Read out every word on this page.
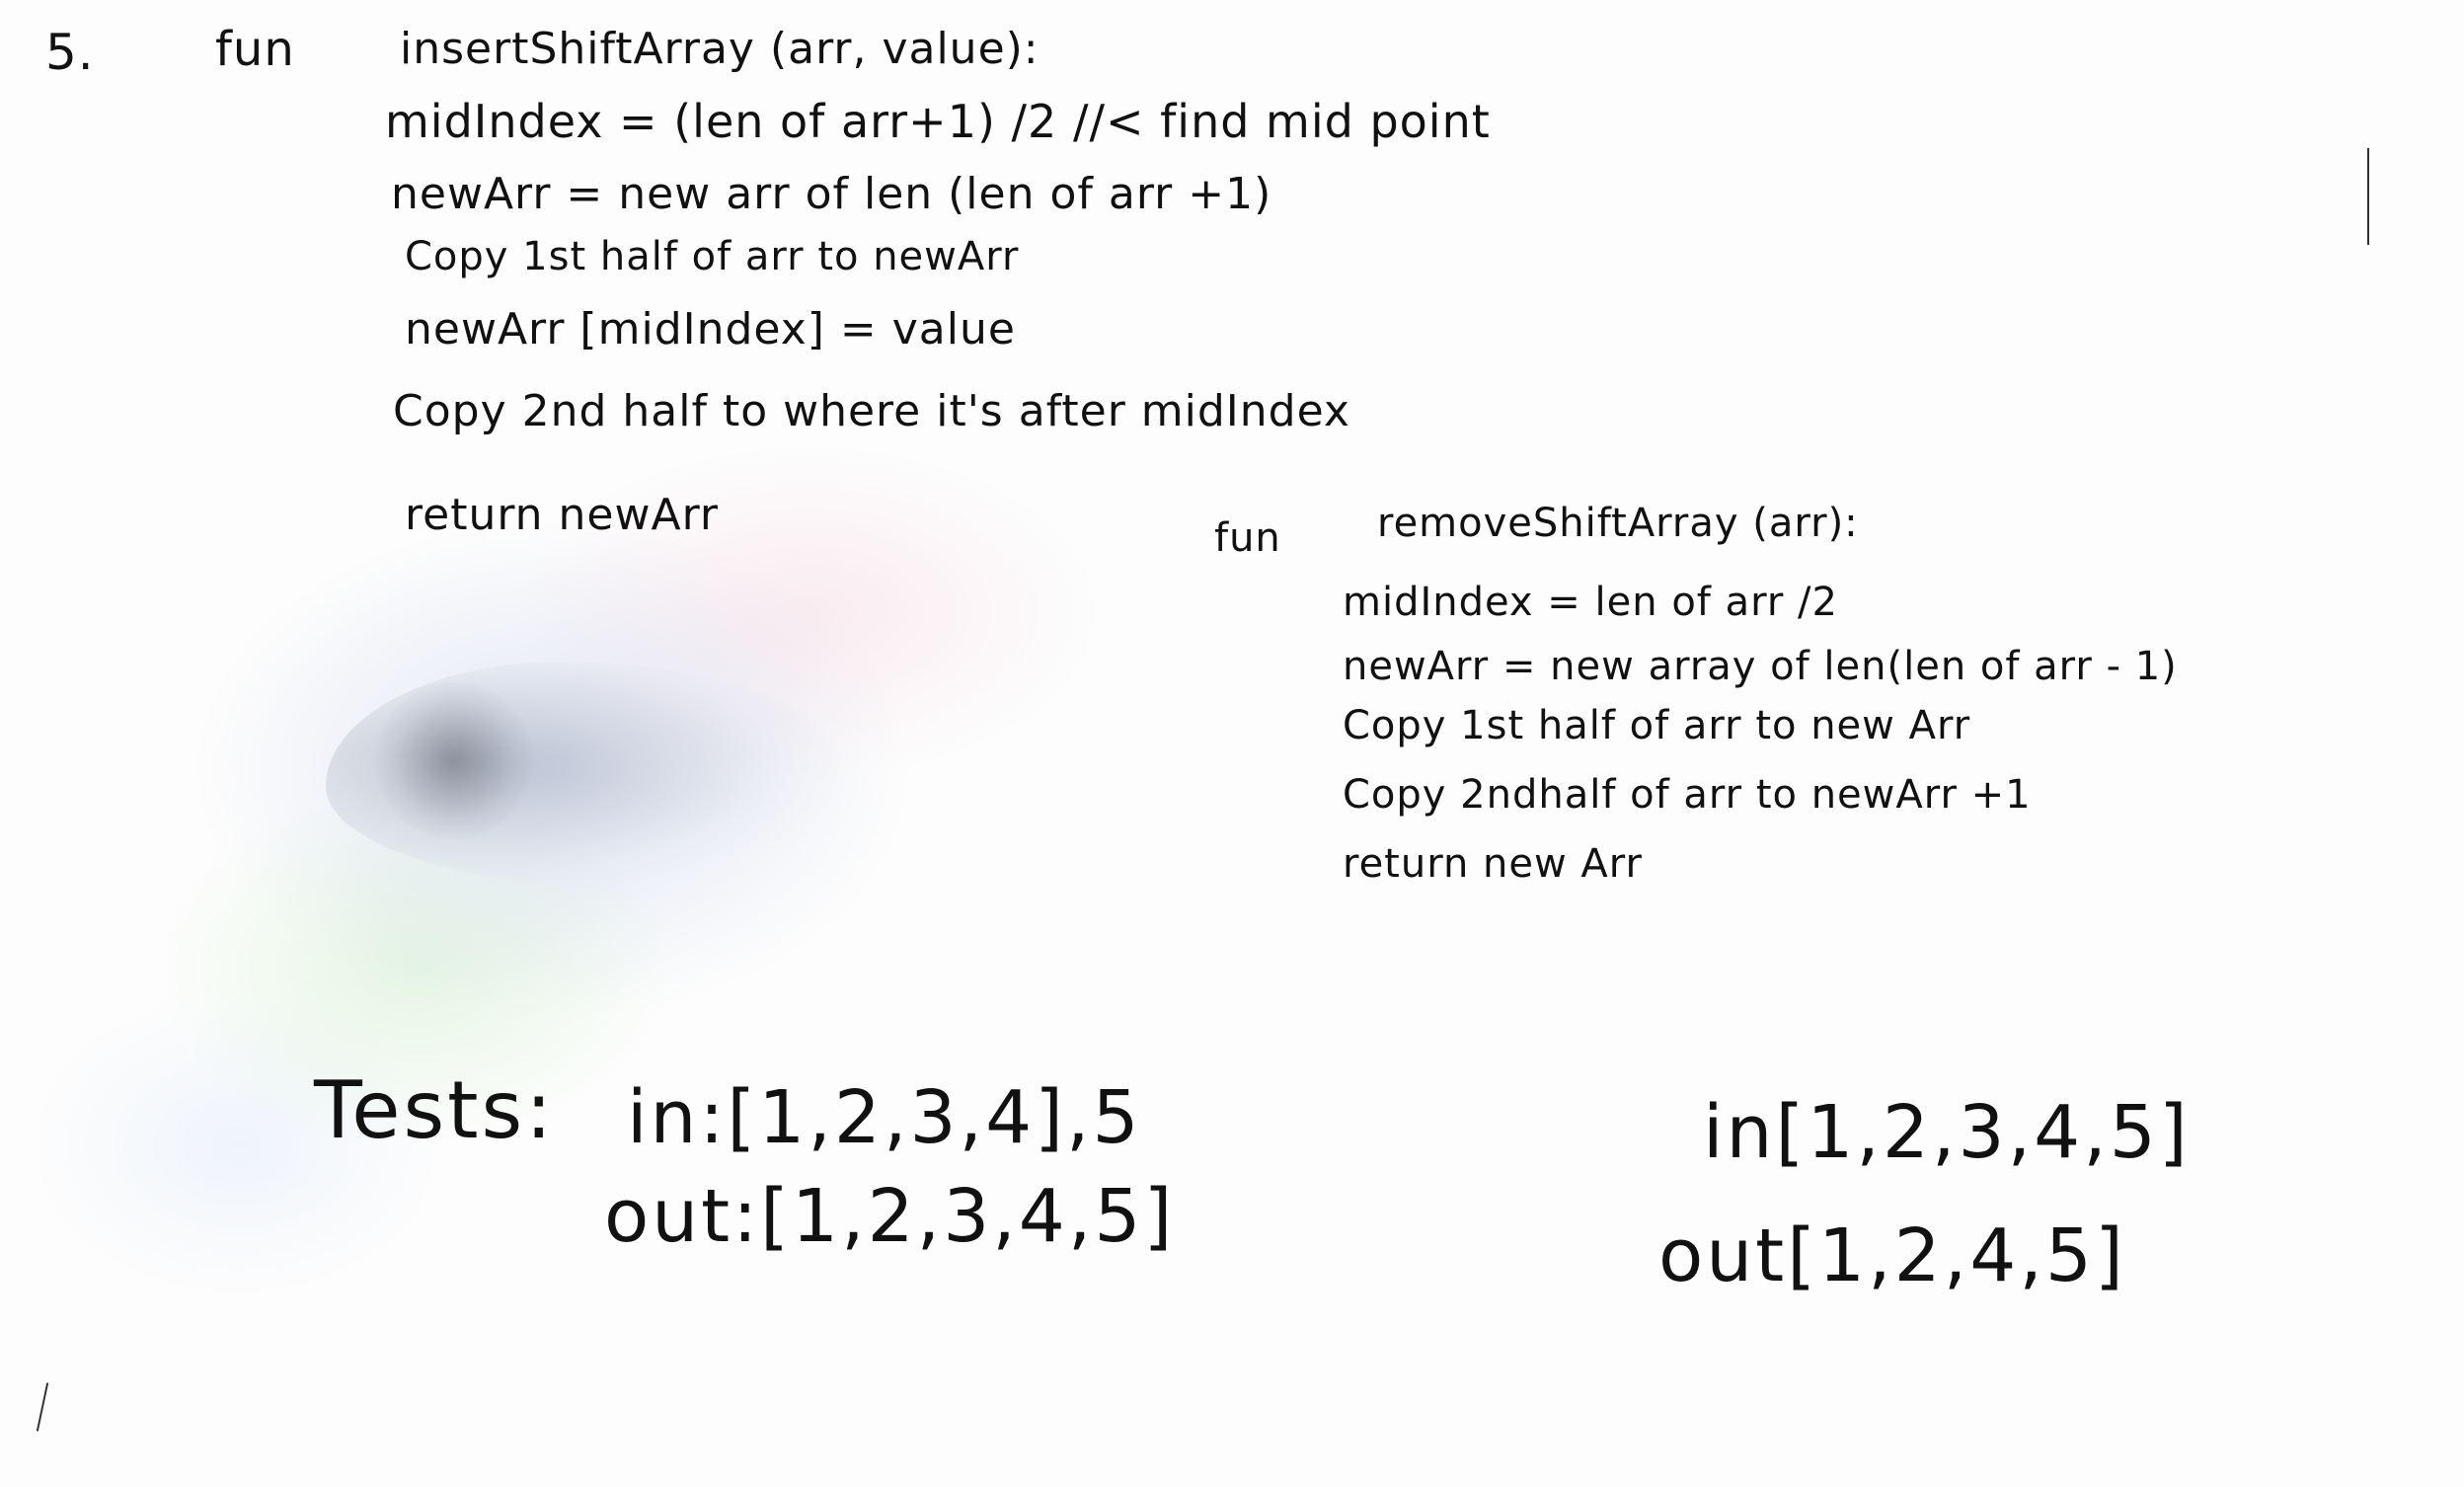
5.	fun insertShiftArray (arr, value):
midIndex = (len of arr+1) /2 //< find mid point
newArr = new arr of len (len of arr +1)
Copy 1st half of arr to newArr
newArr [midIndex] = value
Copy 2nd half to where it's after midIndex
return newArr	fun removeShiftArray (arr):
midIndex = len of arr /2
newArr = new array of len(len of arr - 1)
Copy 1st half of arr to new Arr
Copy 2ndhalf of arr to newArr +1
return new Arr
Tests: in:[1,2,3,4],5
out:[1,2,3,4,5]
in[1,2,3,4,5]
out[1,2,4,5]
